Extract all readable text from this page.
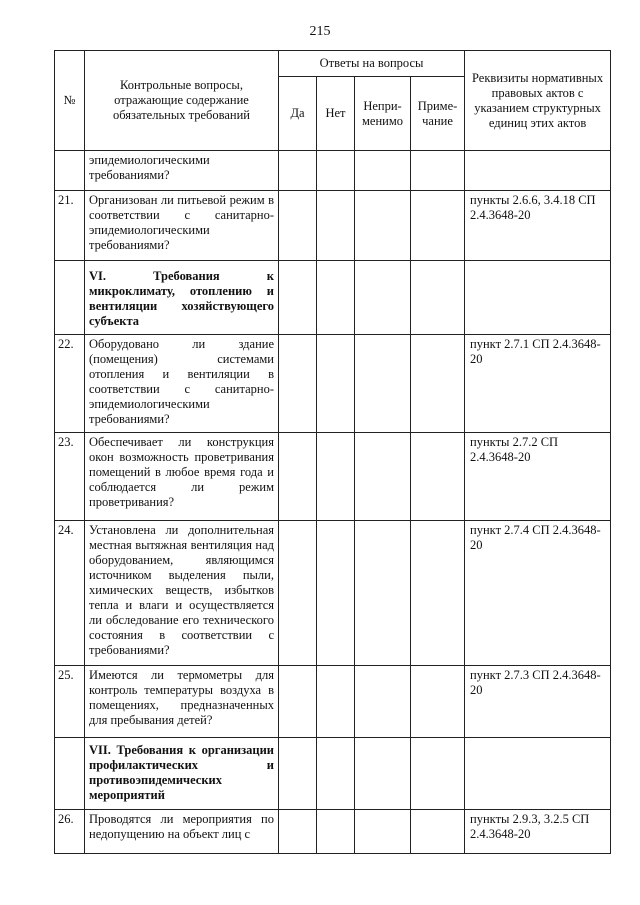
215
№	Контрольные вопросы, отражающие содержание обязательных требований	Ответы на вопросы				Реквизиты нормативных правовых актов с указанием структурных единиц этих актов
		Да	Нет	Непри-менимо	Приме-чание	
	эпидемиологическими требованиями?					
21.	Организован ли питьевой режим в соответствии с санитарно-эпидемиологическими требованиями?					пункты 2.6.6, 3.4.18 СП 2.4.3648-20
	VI. Требования к микроклимату, отоплению и вентиляции хозяйствующего субъекта					
22.	Оборудовано ли здание (помещения) системами отопления и вентиляции в соответствии с санитарно-эпидемиологическими требованиями?					пункт 2.7.1 СП 2.4.3648-20
23.	Обеспечивает ли конструкция окон возможность проветривания помещений в любое время года и соблюдается ли режим проветривания?					пункты 2.7.2 СП 2.4.3648-20
24.	Установлена ли дополнительная местная вытяжная вентиляция над оборудованием, являющимся источником выделения пыли, химических веществ, избытков тепла и влаги и осуществляется ли обследование его технического состояния в соответствии с требованиями?					пункт 2.7.4 СП 2.4.3648-20
25.	Имеются ли термометры для контроль температуры воздуха в помещениях, предназначенных для пребывания детей?					пункт 2.7.3 СП 2.4.3648-20
	VII. Требования к организации профилактических и противоэпидемических мероприятий					
26.	Проводятся ли мероприятия по недопущению на объект лиц с					пункты 2.9.3, 3.2.5 СП 2.4.3648-20
